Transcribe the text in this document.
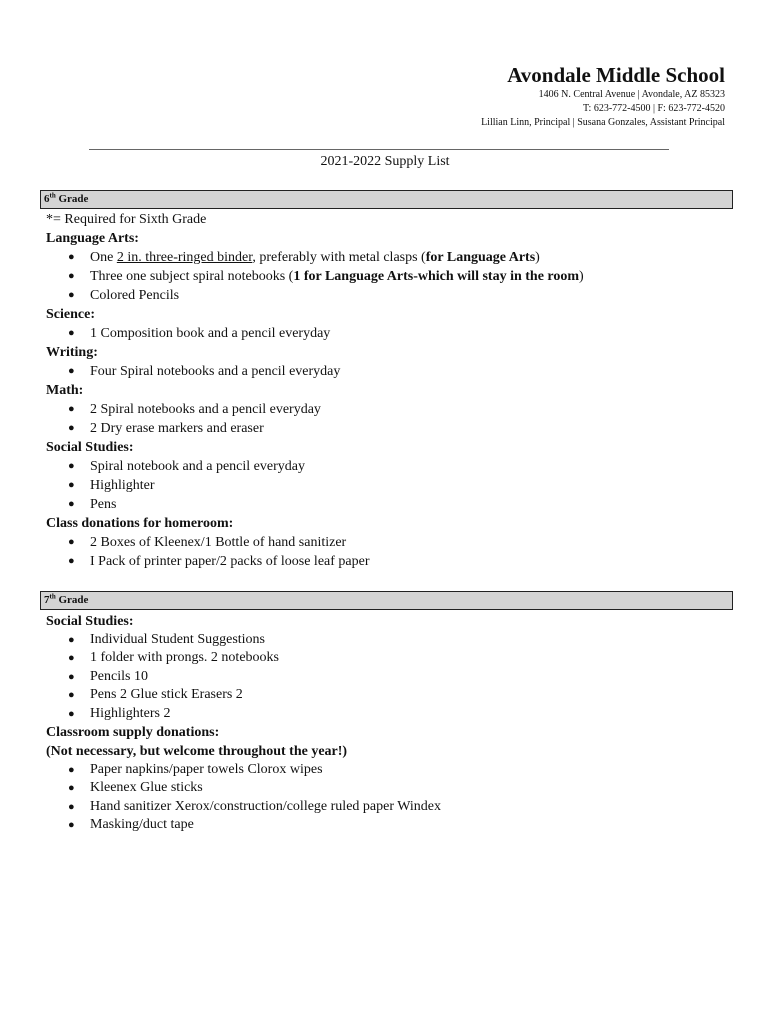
Avondale Middle School
1406 N. Central Avenue | Avondale, AZ 85323
T: 623-772-4500 | F: 623-772-4520
Lillian Linn, Principal | Susana Gonzales, Assistant Principal
2021-2022 Supply List
6th Grade
*= Required for Sixth Grade
Language Arts:
● One 2 in. three-ringed binder, preferably with metal clasps (for Language Arts)
● Three one subject spiral notebooks (1 for Language Arts-which will stay in the room)
● Colored Pencils
Science:
● 1 Composition book and a pencil everyday
Writing:
● Four Spiral notebooks and a pencil everyday
Math:
● 2 Spiral notebooks and a pencil everyday
● 2 Dry erase markers and eraser
Social Studies:
● Spiral notebook and a pencil everyday
● Highlighter
● Pens
Class donations for homeroom:
● 2 Boxes of Kleenex/1 Bottle of hand sanitizer
● I Pack of printer paper/2 packs of loose leaf paper
7th Grade
Social Studies:
● Individual Student Suggestions
● 1 folder with prongs. 2 notebooks
● Pencils 10
● Pens 2 Glue stick Erasers 2
● Highlighters 2
Classroom supply donations:
(Not necessary, but welcome throughout the year!)
● Paper napkins/paper towels Clorox wipes
● Kleenex Glue sticks
● Hand sanitizer Xerox/construction/college ruled paper Windex
● Masking/duct tape
